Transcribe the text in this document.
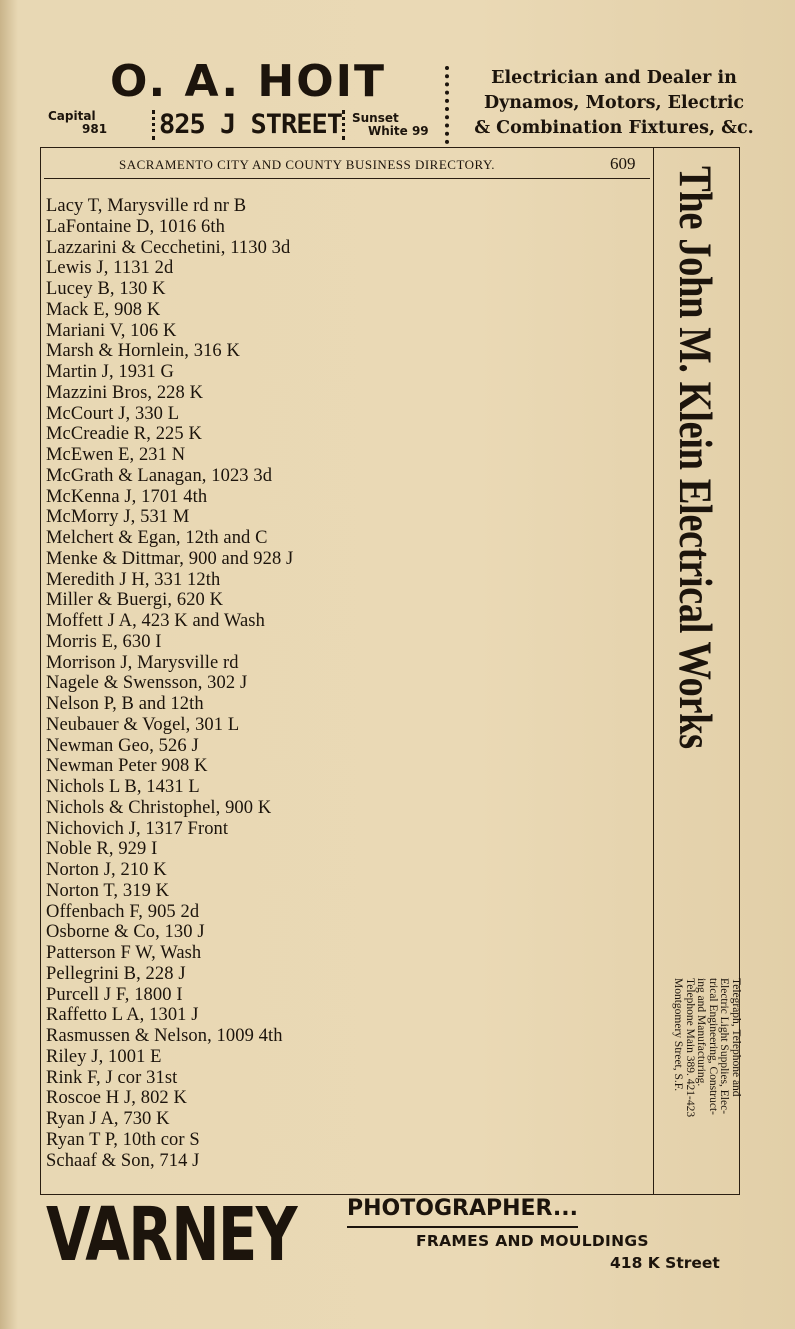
O. A. HOIT
Capital
981	825 J STREET Sunset
White 99
Electrician and Dealer in
Dynamos, Motors, Electric
& Combination Fixtures, &c.
SACRAMENTO CITY AND COUNTY BUSINESS DIRECTORY.	609
Lacy T, Marysville rd nr B
LaFontaine D, 1016 6th
Lazzarini & Cecchetini, 1130 3d
Lewis J, 1131 2d
Lucey B, 130 K
Mack E, 908 K
Mariani V, 106 K
Marsh & Hornlein, 316 K
Martin J, 1931 G
Mazzini Bros, 228 K
McCourt J, 330 L
McCreadie R, 225 K
McEwen E, 231 N
McGrath & Lanagan, 1023 3d
McKenna J, 1701 4th
McMorry J, 531 M
Melchert & Egan, 12th and C
Menke & Dittmar, 900 and 928 J
Meredith J H, 331 12th
Miller & Buergi, 620 K
Moffett J A, 423 K and Wash
Morris E, 630 I
Morrison J, Marysville rd
Nagele & Swensson, 302 J
Nelson P, B and 12th
Neubauer & Vogel, 301 L
Newman Geo, 526 J
Newman Peter 908 K
Nichols L B, 1431 L
Nichols & Christophel, 900 K
Nichovich J, 1317 Front
Noble R, 929 I
Norton J, 210 K
Norton T, 319 K
Offenbach F, 905 2d
Osborne & Co, 130 J
Patterson F W, Wash
Pellegrini B, 228 J
Purcell J F, 1800 I
Raffetto L A, 1301 J
Rasmussen & Nelson, 1009 4th
Riley J, 1001 E
Rink F, J cor 31st
Roscoe H J, 802 K
Ryan J A, 730 K
Ryan T P, 10th cor S
Schaaf & Son, 714 J
The John M. Klein Electrical Works
Telegraph, Telephone and
Electric Light Supplies, Elec-
trical Engineering, Construct-
ing and Manufacturing.
Telephone Main 389. 421-423
Montgomery Street, S.F.
VARNEY PHOTOGRAPHER...
FRAMES AND MOULDINGS
418 K Street
